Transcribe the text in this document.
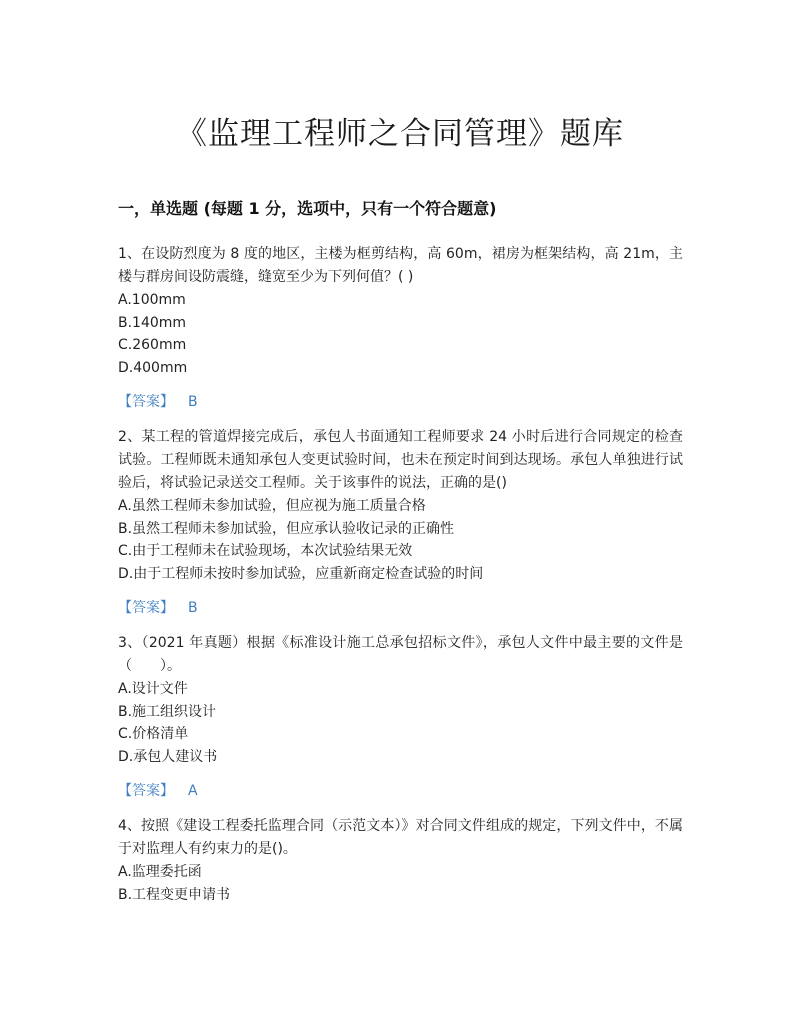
《监理工程师之合同管理》题库
一，单选题 (每题 1 分，选项中，只有一个符合题意)

1、在设防烈度为 8 度的地区，主楼为框剪结构，高 60m，裙房为框架结构，高 21m，主楼与群房间设防震缝，缝宽至少为下列何值？( )

A.100mm

B.140mm

C.260mm

D.400mm

【答案】 B

2、某工程的管道焊接完成后，承包人书面通知工程师要求 24 小时后进行合同规定的检查试验。工程师既未通知承包人变更试验时间，也未在预定时间到达现场。承包人单独进行试验后，将试验记录送交工程师。关于该事件的说法，正确的是()

A.虽然工程师未参加试验，但应视为施工质量合格

B.虽然工程师未参加试验，但应承认验收记录的正确性

C.由于工程师未在试验现场，本次试验结果无效

D.由于工程师未按时参加试验，应重新商定检查试验的时间

【答案】 B

3、（2021 年真题）根据《标准设计施工总承包招标文件》，承包人文件中最主要的文件是（　　）。

A.设计文件

B.施工组织设计

C.价格清单

D.承包人建议书

【答案】 A

4、按照《建设工程委托监理合同（示范文本）》对合同文件组成的规定，下列文件中，不属于对监理人有约束力的是()。

A.监理委托函

B.工程变更申请书
